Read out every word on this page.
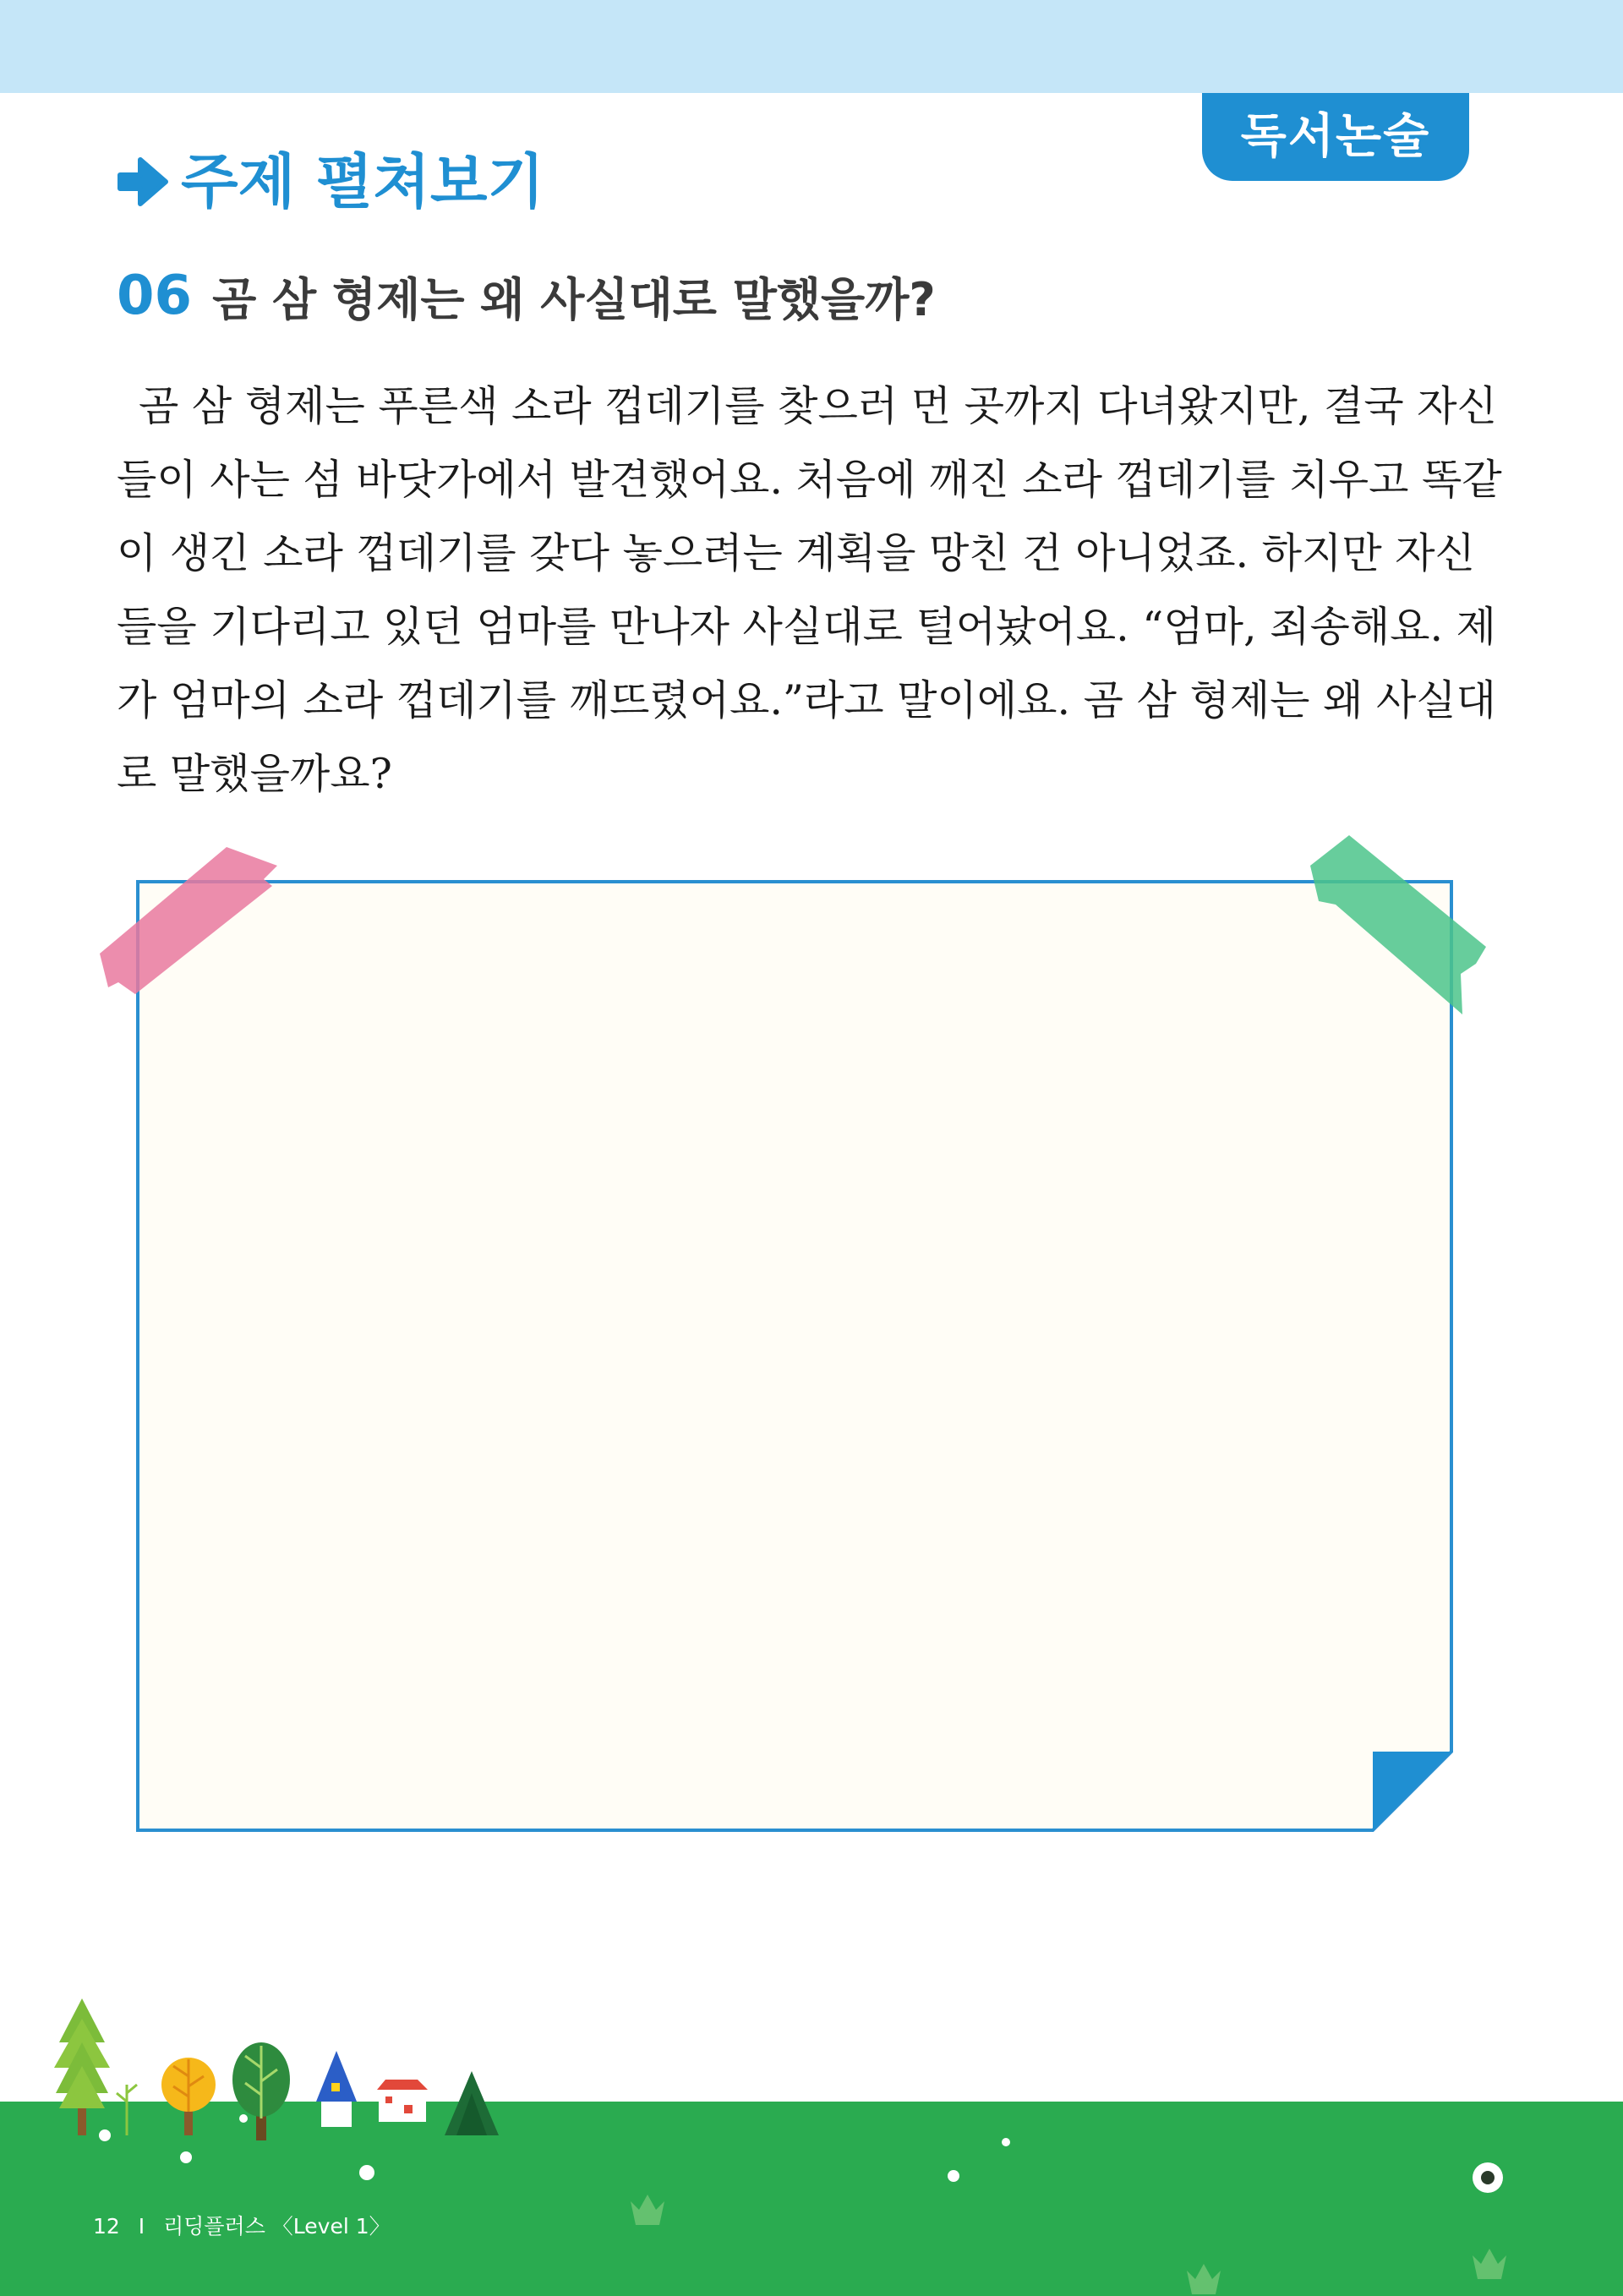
독서논술
주제 펼쳐보기
06 곰 삼 형제는 왜 사실대로 말했을까?
곰 삼 형제는 푸른색 소라 껍데기를 찾으러 먼 곳까지 다녀왔지만, 결국 자신
들이 사는 섬 바닷가에서 발견했어요. 처음에 깨진 소라 껍데기를 치우고 똑같
이 생긴 소라 껍데기를 갖다 놓으려는 계획을 망친 건 아니었죠. 하지만 자신
들을 기다리고 있던 엄마를 만나자 사실대로 털어놨어요. “엄마, 죄송해요. 제
가 엄마의 소라 껍데기를 깨뜨렸어요.”라고 말이에요. 곰 삼 형제는 왜 사실대
로 말했을까요?
12 I 리딩플러스 〈Level 1〉
